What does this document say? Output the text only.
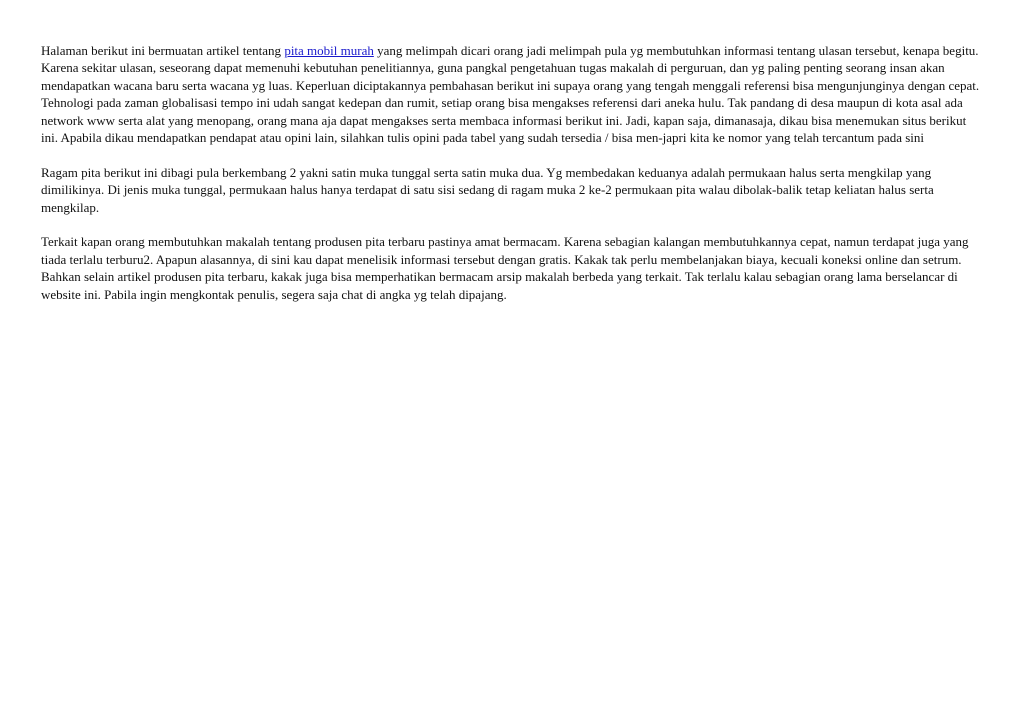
Halaman berikut ini bermuatan artikel tentang pita mobil murah yang melimpah dicari orang jadi melimpah pula yg membutuhkan informasi tentang ulasan tersebut, kenapa begitu. Karena sekitar ulasan, seseorang dapat memenuhi kebutuhan penelitiannya, guna pangkal pengetahuan tugas makalah di perguruan, dan yg paling penting seorang insan akan mendapatkan wacana baru serta wacana yg luas. Keperluan diciptakannya pembahasan berikut ini supaya orang yang tengah menggali referensi bisa mengunjunginya dengan cepat. Tehnologi pada zaman globalisasi tempo ini udah sangat kedepan dan rumit, setiap orang bisa mengakses referensi dari aneka hulu. Tak pandang di desa maupun di kota asal ada network www serta alat yang menopang, orang mana aja dapat mengakses serta membaca informasi berikut ini. Jadi, kapan saja, dimanasaja, dikau bisa menemukan situs berikut ini. Apabila dikau mendapatkan pendapat atau opini lain, silahkan tulis opini pada tabel yang sudah tersedia / bisa men-japri kita ke nomor yang telah tercantum pada sini

Ragam pita berikut ini dibagi pula berkembang 2 yakni satin muka tunggal serta satin muka dua. Yg membedakan keduanya adalah permukaan halus serta mengkilap yang dimilikinya. Di jenis muka tunggal, permukaan halus hanya terdapat di satu sisi sedang di ragam muka 2 ke-2 permukaan pita walau dibolak-balik tetap keliatan halus serta mengkilap.

Terkait kapan orang membutuhkan makalah tentang produsen pita terbaru pastinya amat bermacam. Karena sebagian kalangan membutuhkannya cepat, namun terdapat juga yang tiada terlalu terburu2. Apapun alasannya, di sini kau dapat menelisik informasi tersebut dengan gratis. Kakak tak perlu membelanjakan biaya, kecuali koneksi online dan setrum. Bahkan selain artikel produsen pita terbaru, kakak juga bisa memperhatikan bermacam arsip makalah berbeda yang terkait. Tak terlalu kalau sebagian orang lama berselancar di website ini. Pabila ingin mengkontak penulis, segera saja chat di angka yg telah dipajang.
